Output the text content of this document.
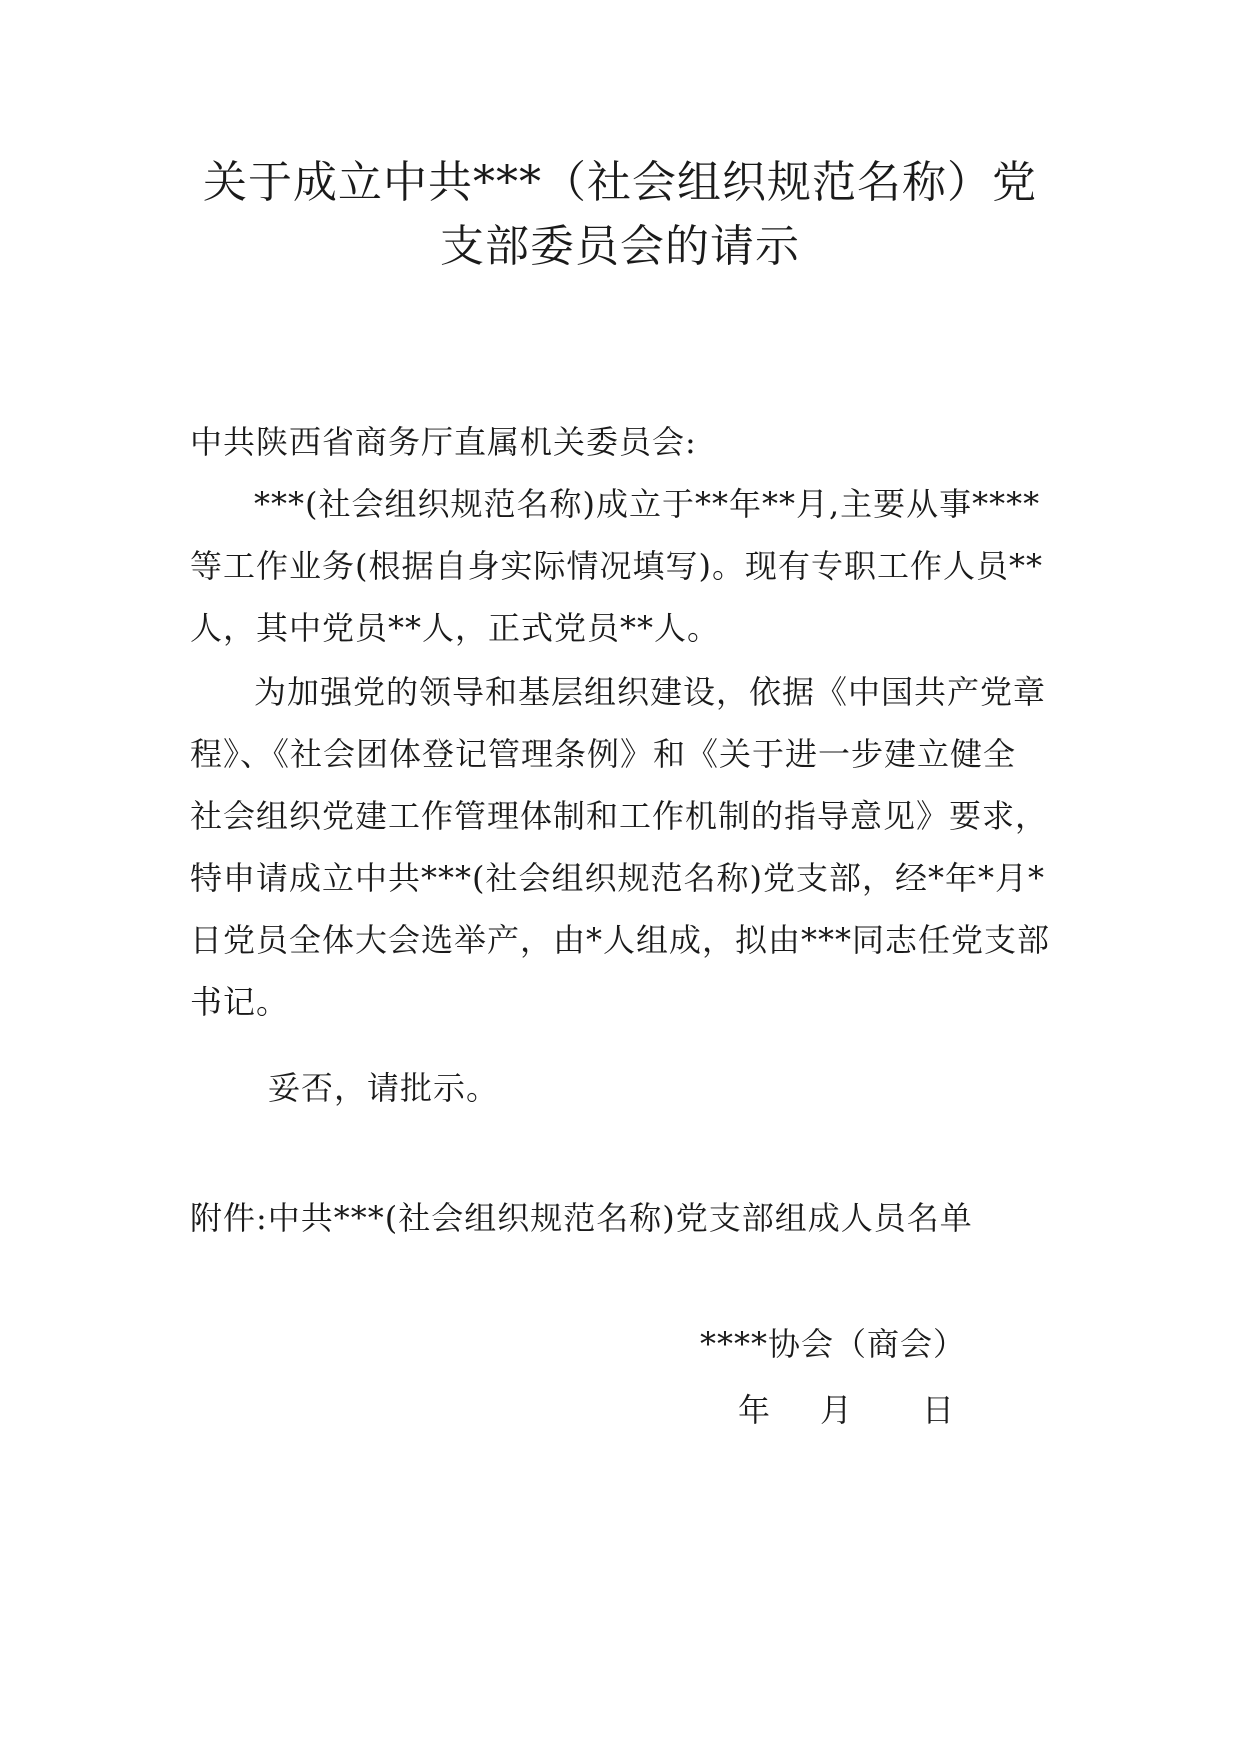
关于成立中共***（社会组织规范名称）党
支部委员会的请示
中共陕西省商务厅直属机关委员会:
***(社会组织规范名称)成立于**年**月,主要从事****
等工作业务(根据自身实际情况填写)。现有专职工作人员**
人，其中党员**人，正式党员**人。
为加强党的领导和基层组织建设，依据《中国共产党章
程》、《社会团体登记管理条例》和《关于进一步建立健全
社会组织党建工作管理体制和工作机制的指导意见》要求，
特申请成立中共***(社会组织规范名称)党支部，经*年*月*
日党员全体大会选举产，由*人组成，拟由***同志任党支部
书记。
妥否，请批示。
附件:中共***(社会组织规范名称)党支部组成人员名单
****协会（商会）
年 月 日
